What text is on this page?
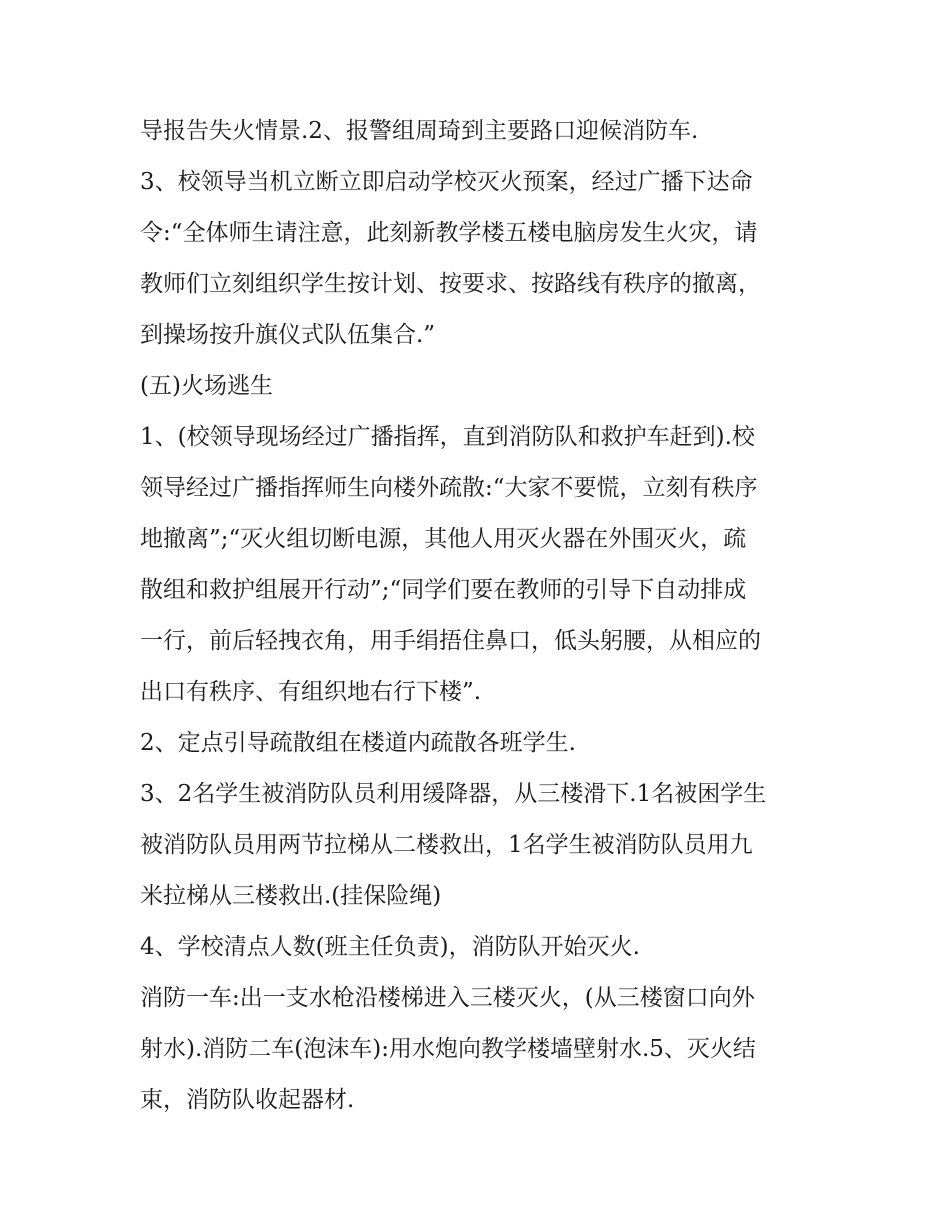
导报告失火情景.2、报警组周琦到主要路口迎候消防车.
3、校领导当机立断立即启动学校灭火预案，经过广播下达命
令:“全体师生请注意，此刻新教学楼五楼电脑房发生火灾，请
教师们立刻组织学生按计划、按要求、按路线有秩序的撤离，
到操场按升旗仪式队伍集合.”
(五)火场逃生
1、(校领导现场经过广播指挥，直到消防队和救护车赶到).校
领导经过广播指挥师生向楼外疏散:“大家不要慌，立刻有秩序
地撤离”;“灭火组切断电源，其他人用灭火器在外围灭火，疏
散组和救护组展开行动”;“同学们要在教师的引导下自动排成
一行，前后轻拽衣角，用手绢捂住鼻口，低头躬腰，从相应的
出口有秩序、有组织地右行下楼”.
2、定点引导疏散组在楼道内疏散各班学生.
3、2名学生被消防队员利用缓降器，从三楼滑下.1名被困学生
被消防队员用两节拉梯从二楼救出，1名学生被消防队员用九
米拉梯从三楼救出.(挂保险绳)
4、学校清点人数(班主任负责)，消防队开始灭火.
消防一车:出一支水枪沿楼梯进入三楼灭火，(从三楼窗口向外
射水).消防二车(泡沫车):用水炮向教学楼墙壁射水.5、灭火结
束，消防队收起器材.
